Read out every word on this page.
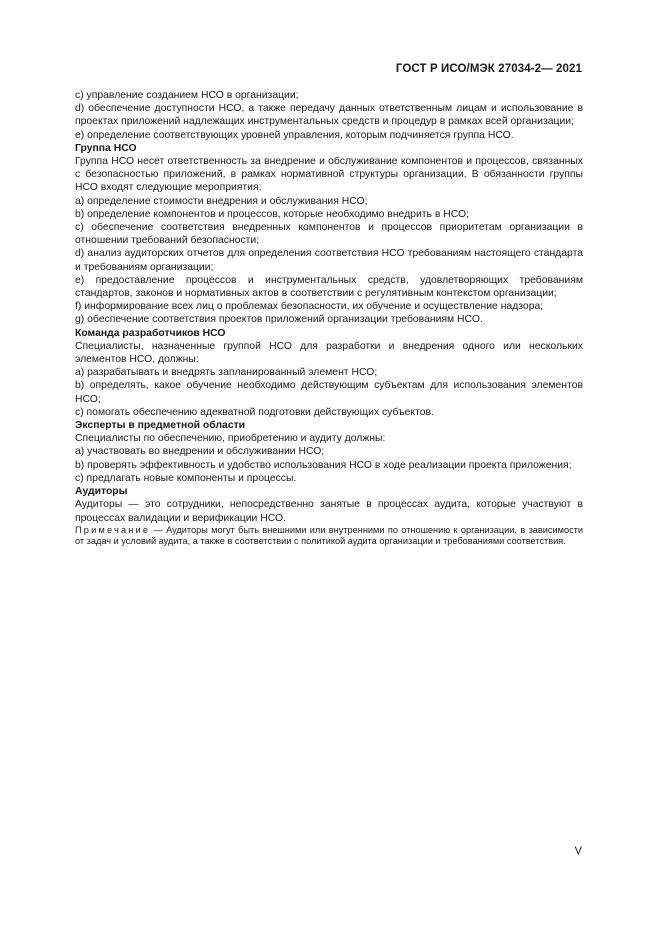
ГОСТ Р ИСО/МЭК 27034-2— 2021

c) управление созданием НСО в организации;

d) обеспечение доступности НСО, а также передачу данных ответственным лицам и использование в проектах приложений надлежащих инструментальных средств и процедур в рамках всей организации;

e) определение соответствующих уровней управления, которым подчиняется группа НСО.

Группа НСО

Группа НСО несет ответственность за внедрение и обслуживание компонентов и процессов, связанных с безопасностью приложений, в рамках нормативной структуры организации. В обязанности группы НСО входят следующие мероприятия:

a) определение стоимости внедрения и обслуживания НСО;

b) определение компонентов и процессов, которые необходимо внедрить в НСО;

c) обеспечение соответствия внедренных компонентов и процессов приоритетам организации в отношении требований безопасности;

d) анализ аудиторских отчетов для определения соответствия НСО требованиям настоящего стандарта и требованиям организации;

e) предоставление процессов и инструментальных средств, удовлетворяющих требованиям стандартов, законов и нормативных актов в соответствии с регулятивным контекстом организации;

f) информирование всех лиц о проблемах безопасности, их обучение и осуществление надзора;

g) обеспечение соответствия проектов приложений организации требованиям НСО.

Команда разработчиков НСО

Специалисты, назначенные группой НСО для разработки и внедрения одного или нескольких элементов НСО, должны:

a) разрабатывать и внедрять запланированный элемент НСО;

b) определять, какое обучение необходимо действующим субъектам для использования элементов НСО;

c) помогать обеспечению адекватной подготовки действующих субъектов.

Эксперты в предметной области

Специалисты по обеспечению, приобретению и аудиту должны:

a) участвовать во внедрении и обслуживании НСО;

b) проверять эффективность и удобство использования НСО в ходе реализации проекта приложения;

c) предлагать новые компоненты и процессы.

Аудиторы

Аудиторы — это сотрудники, непосредственно занятые в процессах аудита, которые участвуют в процессах валидации и верификации НСО.

Примечание — Аудиторы могут быть внешними или внутренними по отношению к организации, в зависимости от задач и условий аудита, а также в соответствии с политикой аудита организации и требованиями соответствия.

V
